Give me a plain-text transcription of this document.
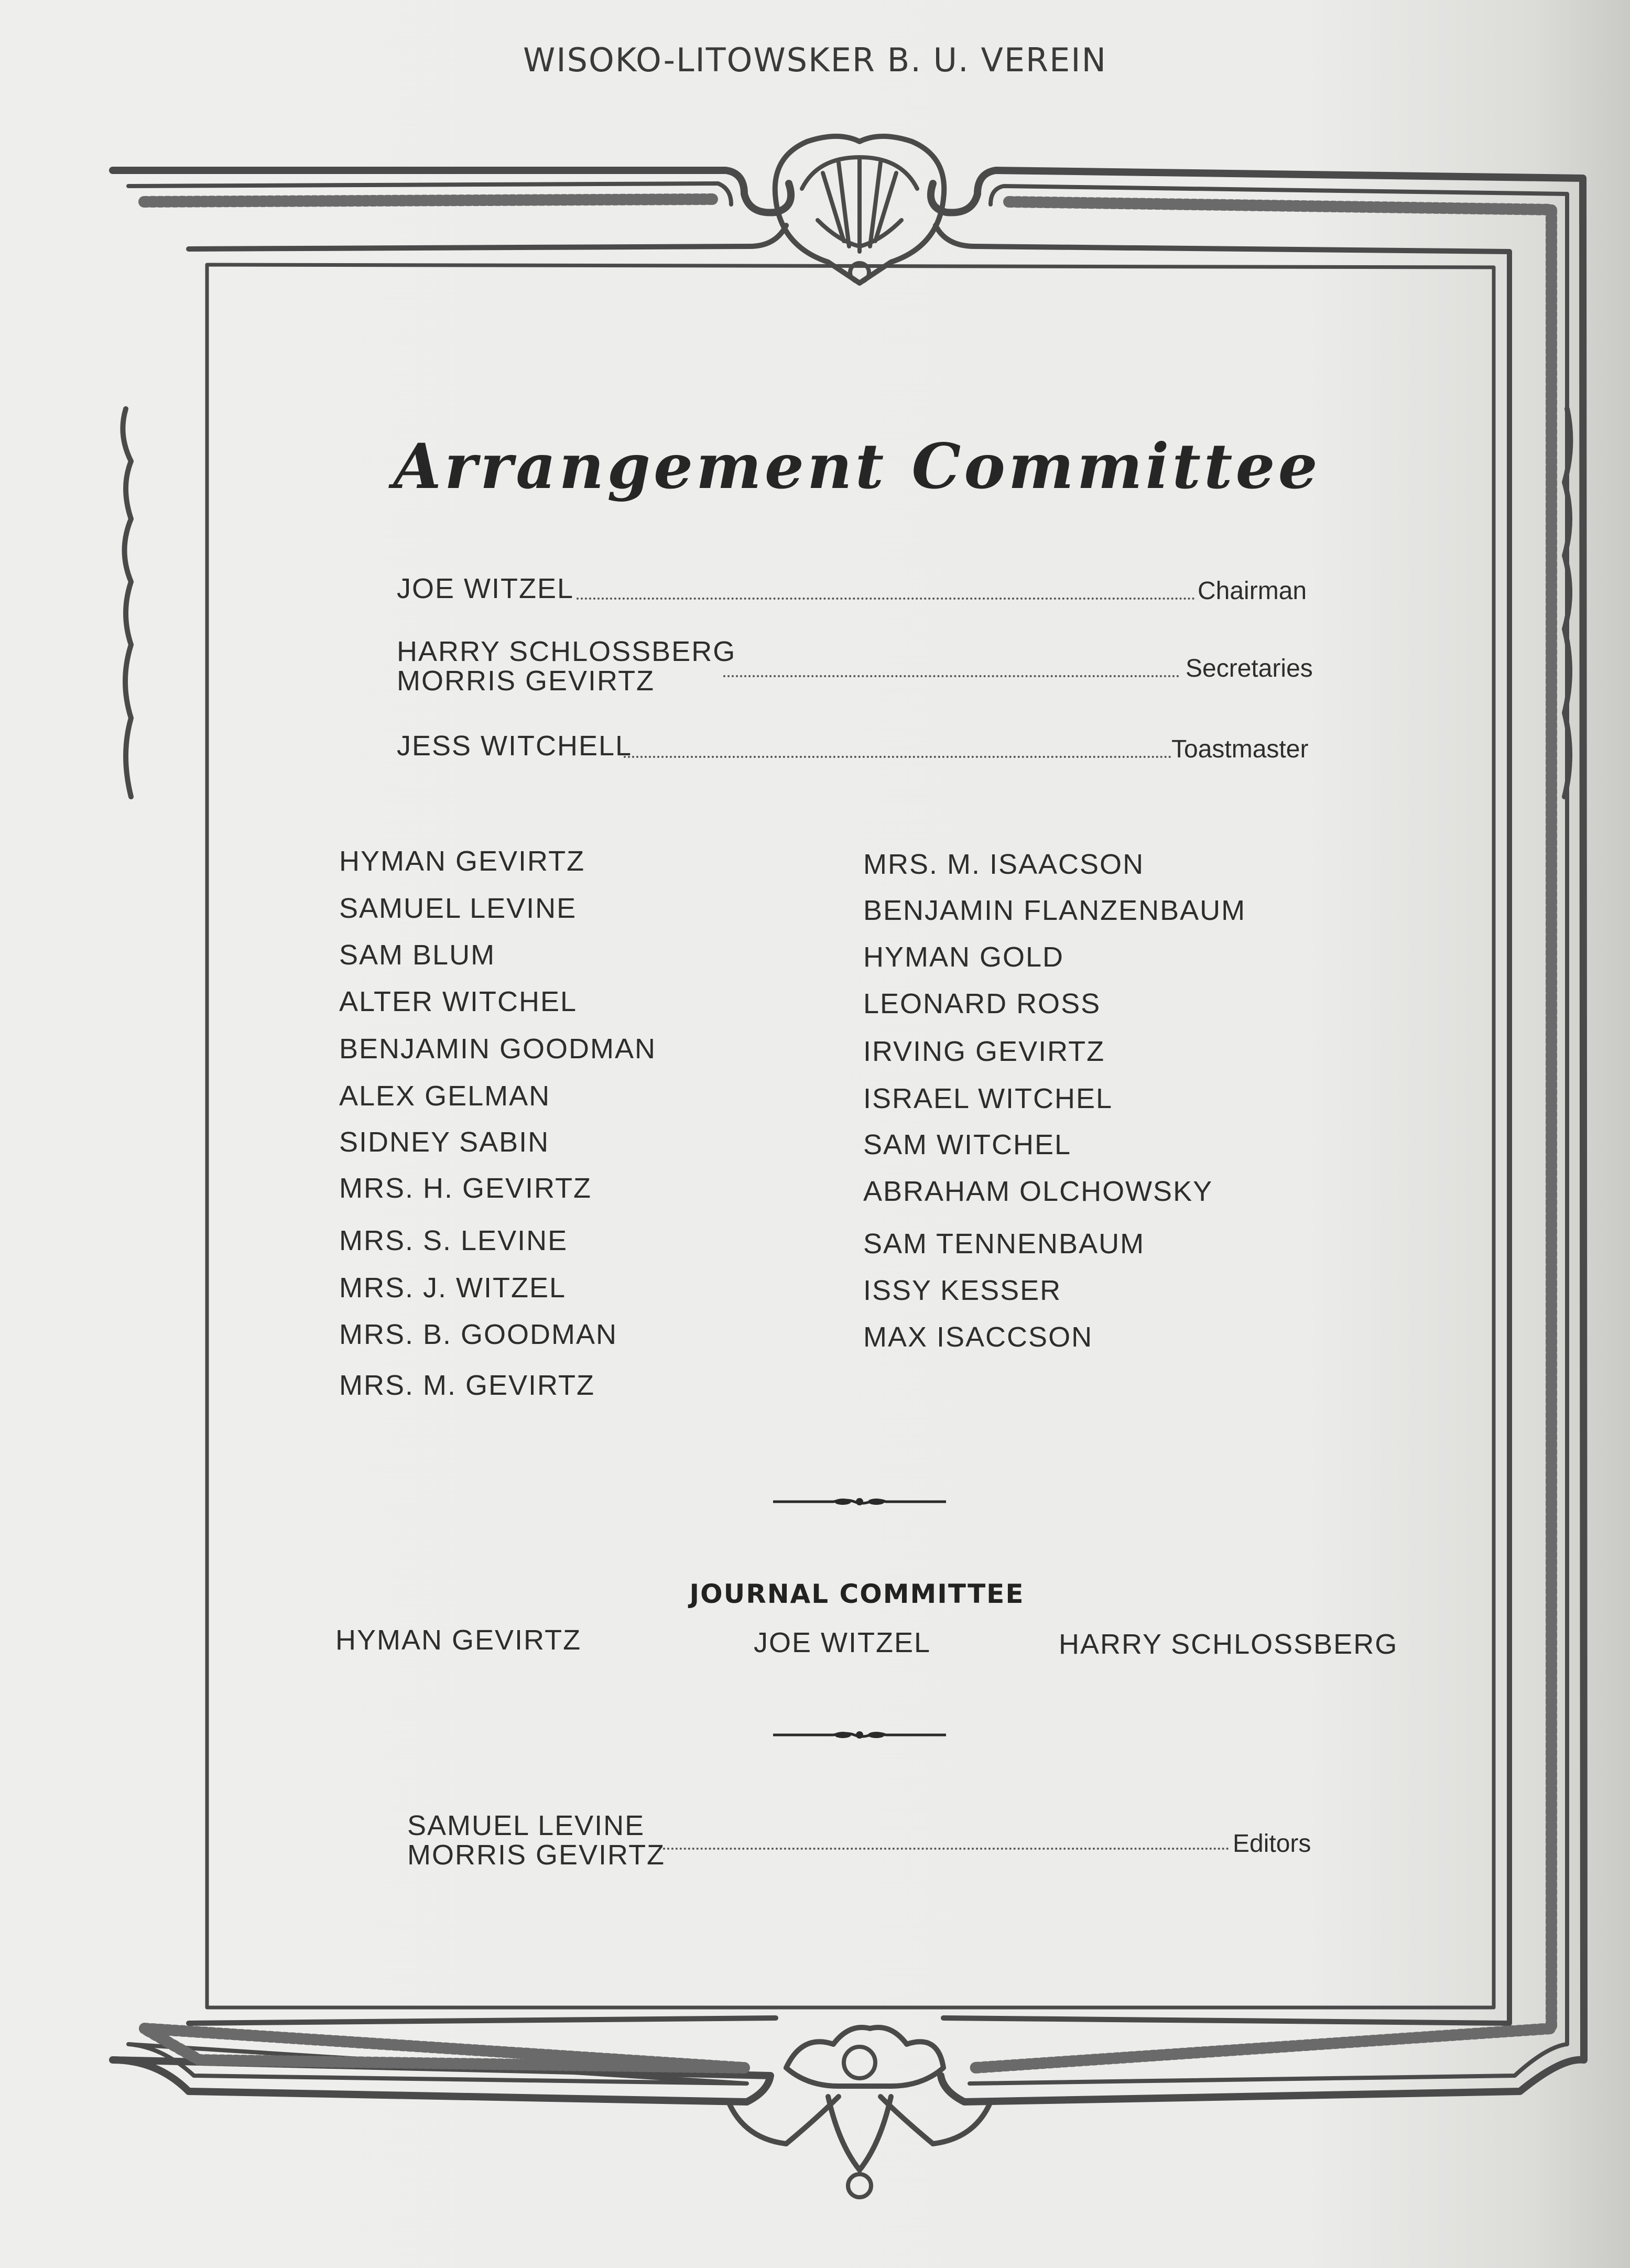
WISOKO-LITOWSKER B. U. VEREIN
Arrangement Committee
JOE WITZEL	Chairman
HARRY SCHLOSSBERG
MORRIS GEVIRTZ	Secretaries
JESS WITCHELL	Toastmaster
HYMAN GEVIRTZ
SAMUEL LEVINE
SAM BLUM
ALTER WITCHEL
BENJAMIN GOODMAN
ALEX GELMAN
SIDNEY SABIN
MRS. H. GEVIRTZ
MRS. S. LEVINE
MRS. J. WITZEL
MRS. B. GOODMAN
MRS. M. GEVIRTZ
MRS. M. ISAACSON
BENJAMIN FLANZENBAUM
HYMAN GOLD
LEONARD ROSS
IRVING GEVIRTZ
ISRAEL WITCHEL
SAM WITCHEL
ABRAHAM OLCHOWSKY
SAM TENNENBAUM
ISSY KESSER
MAX ISACCSON
JOURNAL COMMITTEE
HYMAN GEVIRTZ	JOE WITZEL	HARRY SCHLOSSBERG
SAMUEL LEVINE
MORRIS GEVIRTZ	Editors
